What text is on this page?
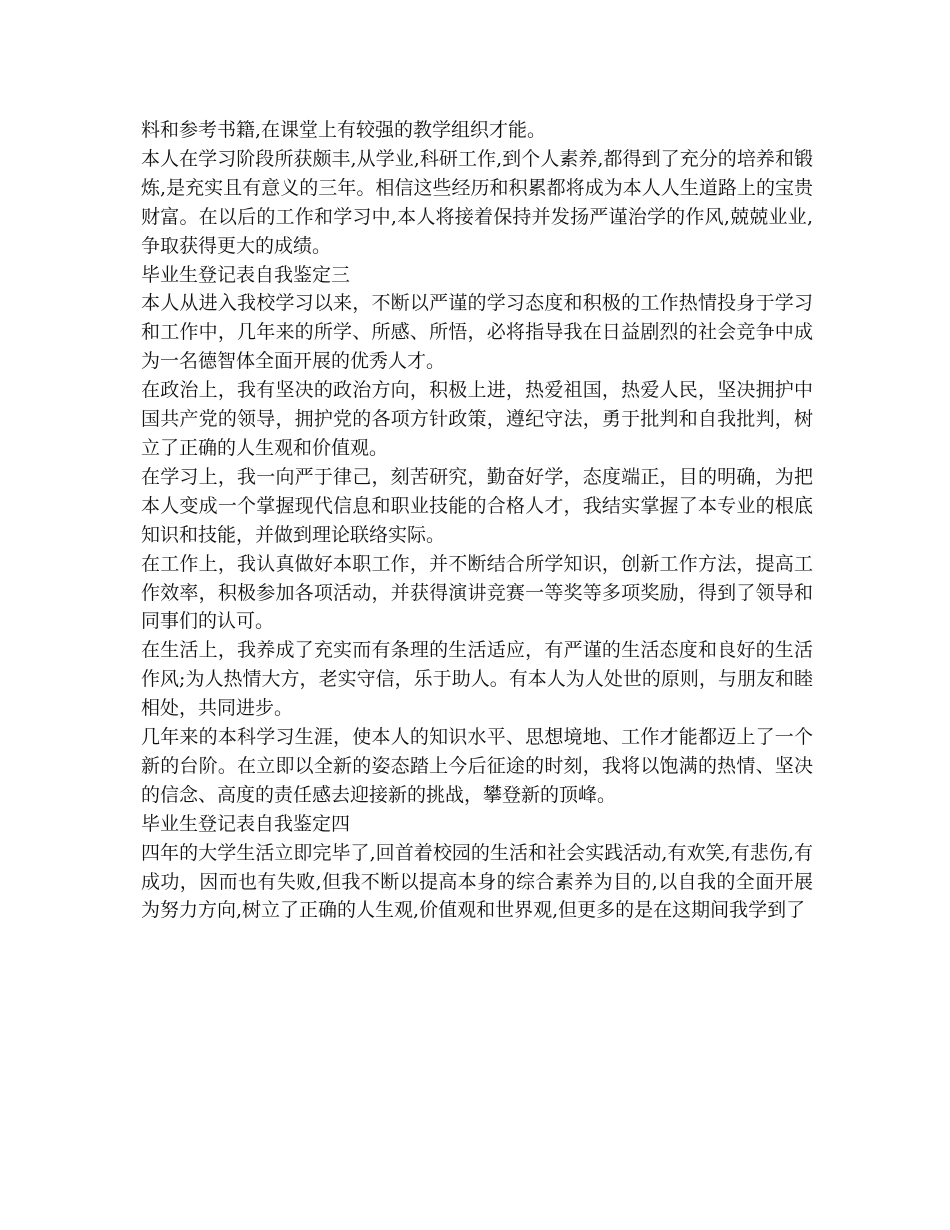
料和参考书籍,在课堂上有较强的教学组织才能。

本人在学习阶段所获颇丰,从学业,科研工作,到个人素养,都得到了充分的培养和锻炼,是充实且有意义的三年。相信这些经历和积累都将成为本人人生道路上的宝贵财富。在以后的工作和学习中,本人将接着保持并发扬严谨治学的作风,兢兢业业,争取获得更大的成绩。

毕业生登记表自我鉴定三

本人从进入我校学习以来，不断以严谨的学习态度和积极的工作热情投身于学习和工作中，几年来的所学、所感、所悟，必将指导我在日益剧烈的社会竞争中成为一名德智体全面开展的优秀人才。

在政治上，我有坚决的政治方向，积极上进，热爱祖国，热爱人民，坚决拥护中国共产党的领导，拥护党的各项方针政策，遵纪守法，勇于批判和自我批判，树立了正确的人生观和价值观。

在学习上，我一向严于律己，刻苦研究，勤奋好学，态度端正，目的明确，为把本人变成一个掌握现代信息和职业技能的合格人才，我结实掌握了本专业的根底知识和技能，并做到理论联络实际。

在工作上，我认真做好本职工作，并不断结合所学知识，创新工作方法，提高工作效率，积极参加各项活动，并获得演讲竞赛一等奖等多项奖励，得到了领导和同事们的认可。

在生活上，我养成了充实而有条理的生活适应，有严谨的生活态度和良好的生活作风;为人热情大方，老实守信，乐于助人。有本人为人处世的原则，与朋友和睦相处，共同进步。

几年来的本科学习生涯，使本人的知识水平、思想境地、工作才能都迈上了一个新的台阶。在立即以全新的姿态踏上今后征途的时刻，我将以饱满的热情、坚决的信念、高度的责任感去迎接新的挑战，攀登新的顶峰。

毕业生登记表自我鉴定四

四年的大学生活立即完毕了,回首着校园的生活和社会实践活动,有欢笑,有悲伤,有成功，因而也有失败,但我不断以提高本身的综合素养为目的,以自我的全面开展为努力方向,树立了正确的人生观,价值观和世界观,但更多的是在这期间我学到了
